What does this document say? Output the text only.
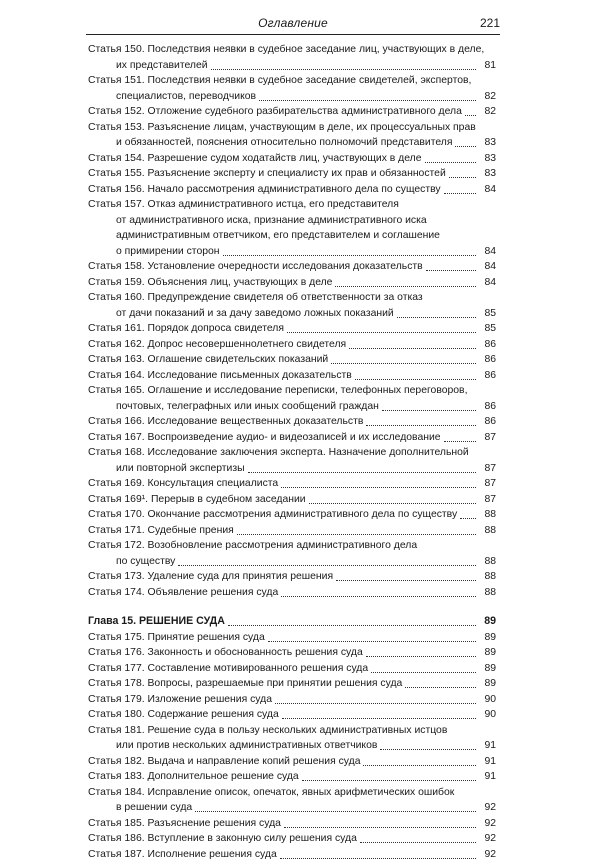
Оглавление	221
Статья 150. Последствия неявки в судебное заседание лиц, участвующих в деле,
их представителей	81
Статья 151. Последствия неявки в судебное заседание свидетелей, экспертов,
специалистов, переводчиков	82
Статья 152. Отложение судебного разбирательства административного дела 82
Статья 153. Разъяснение лицам, участвующим в деле, их процессуальных прав
и обязанностей, пояснения относительно полномочий представителя	83
Статья 154. Разрешение судом ходатайств лиц, участвующих в деле	83
Статья 155. Разъяснение эксперту и специалисту их прав и обязанностей	83
Статья 156. Начало рассмотрения административного дела по существу	84
Статья 157. Отказ административного истца, его представителя
от административного иска, признание административного иска
административным ответчиком, его представителем и соглашение
о примирении сторон	84
Статья 158. Установление очередности исследования доказательств	84
Статья 159. Объяснения лиц, участвующих в деле	84
Статья 160. Предупреждение свидетеля об ответственности за отказ
от дачи показаний и за дачу заведомо ложных показаний	85
Статья 161. Порядок допроса свидетеля	85
Статья 162. Допрос несовершеннолетнего свидетеля	86
Статья 163. Оглашение свидетельских показаний	86
Статья 164. Исследование письменных доказательств	86
Статья 165. Оглашение и исследование переписки, телефонных переговоров,
почтовых, телеграфных или иных сообщений граждан	86
Статья 166. Исследование вещественных доказательств	86
Статья 167. Воспроизведение аудио- и видеозаписей и их исследование	87
Статья 168. Исследование заключения эксперта. Назначение дополнительной
или повторной экспертизы	87
Статья 169. Консультация специалиста	87
Статья 169¹. Перерыв в судебном заседании	87
Статья 170. Окончание рассмотрения административного дела по существу	88
Статья 171. Судебные прения	88
Статья 172. Возобновление рассмотрения административного дела
по существу	88
Статья 173. Удаление суда для принятия решения	88
Статья 174. Объявление решения суда	88
Глава 15. РЕШЕНИЕ СУДА	89
Статья 175. Принятие решения суда	89
Статья 176. Законность и обоснованность решения суда	89
Статья 177. Составление мотивированного решения суда	89
Статья 178. Вопросы, разрешаемые при принятии решения суда	89
Статья 179. Изложение решения суда	90
Статья 180. Содержание решения суда	90
Статья 181. Решение суда в пользу нескольких административных истцов
или против нескольких административных ответчиков	91
Статья 182. Выдача и направление копий решения суда	91
Статья 183. Дополнительное решение суда	91
Статья 184. Исправление описок, опечаток, явных арифметических ошибок
в решении суда	92
Статья 185. Разъяснение решения суда	92
Статья 186. Вступление в законную силу решения суда	92
Статья 187. Исполнение решения суда	92
